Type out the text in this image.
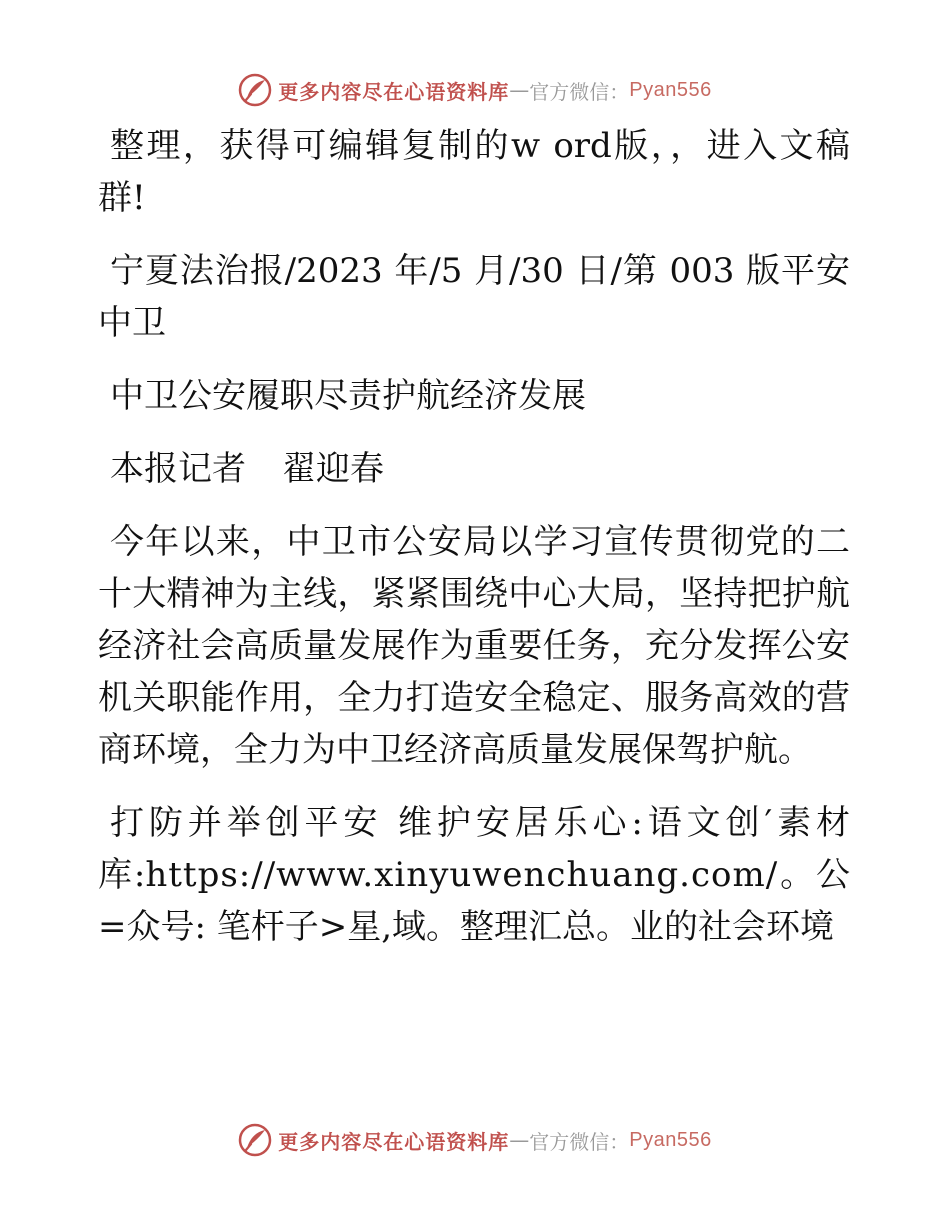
更多内容尽在心语资料库 — 官方微信： Pyan556

整理，获得可编辑复制的w ord版，，进入文稿群!

宁夏法治报/2023 年/5 月/30 日/第 003 版平安中卫

中卫公安履职尽责护航经济发展

本报记者 翟迎春

今年以来，中卫市公安局以学习宣传贯彻党的二十大精神为主线，紧紧围绕中心大局，坚持把护航经济社会高质量发展作为重要任务，充分发挥公安机关职能作用，全力打造安全稳定、服务高效的营商环境，全力为中卫经济高质量发展保驾护航。

打防并举创平安 维护安居乐心:语文创′素材库:https://www.xinyuwenchuang.com/。公=众号: 笔杆子>星,域。整理汇总。业的社会环境

更多内容尽在心语资料库 — 官方微信： Pyan556
